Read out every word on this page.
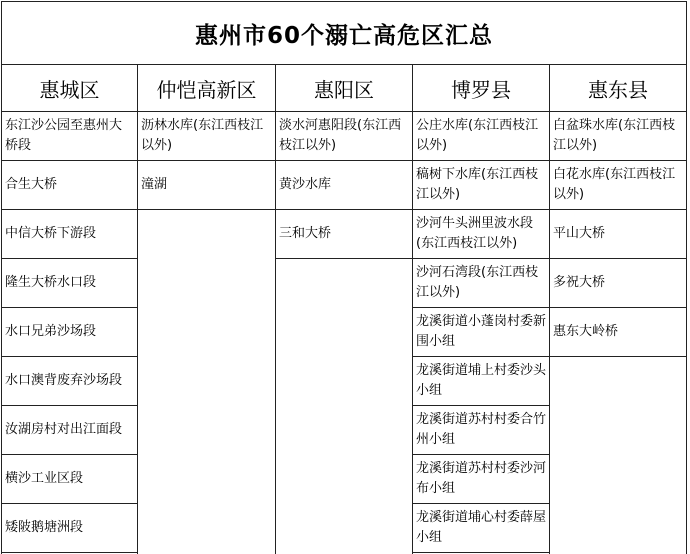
惠州市60个溺亡高危区汇总
惠城区
东江沙公园至惠州大桥段
合生大桥
中信大桥下游段
隆生大桥水口段
水口兄弟沙场段
水口澳背废弃沙场段
汝湖房村对出江面段
横沙工业区段
矮陂鹅塘洲段
仲恺高新区
沥林水库(东江西枝江以外)
潼湖
惠阳区
淡水河惠阳段(东江西枝江以外)
黄沙水库
三和大桥
博罗县
公庄水库(东江西枝江以外)
稿树下水库(东江西枝江以外)
沙河牛头洲里波水段(东江西枝江以外)
沙河石湾段(东江西枝江以外)
龙溪街道小蓬岗村委新围小组
龙溪街道埔上村委沙头小组
龙溪街道苏村村委合竹州小组
龙溪街道苏村村委沙河布小组
龙溪街道埔心村委薛屋小组
惠东县
白盆珠水库(东江西枝江以外)
白花水库(东江西枝江以外)
平山大桥
多祝大桥
惠东大岭桥
